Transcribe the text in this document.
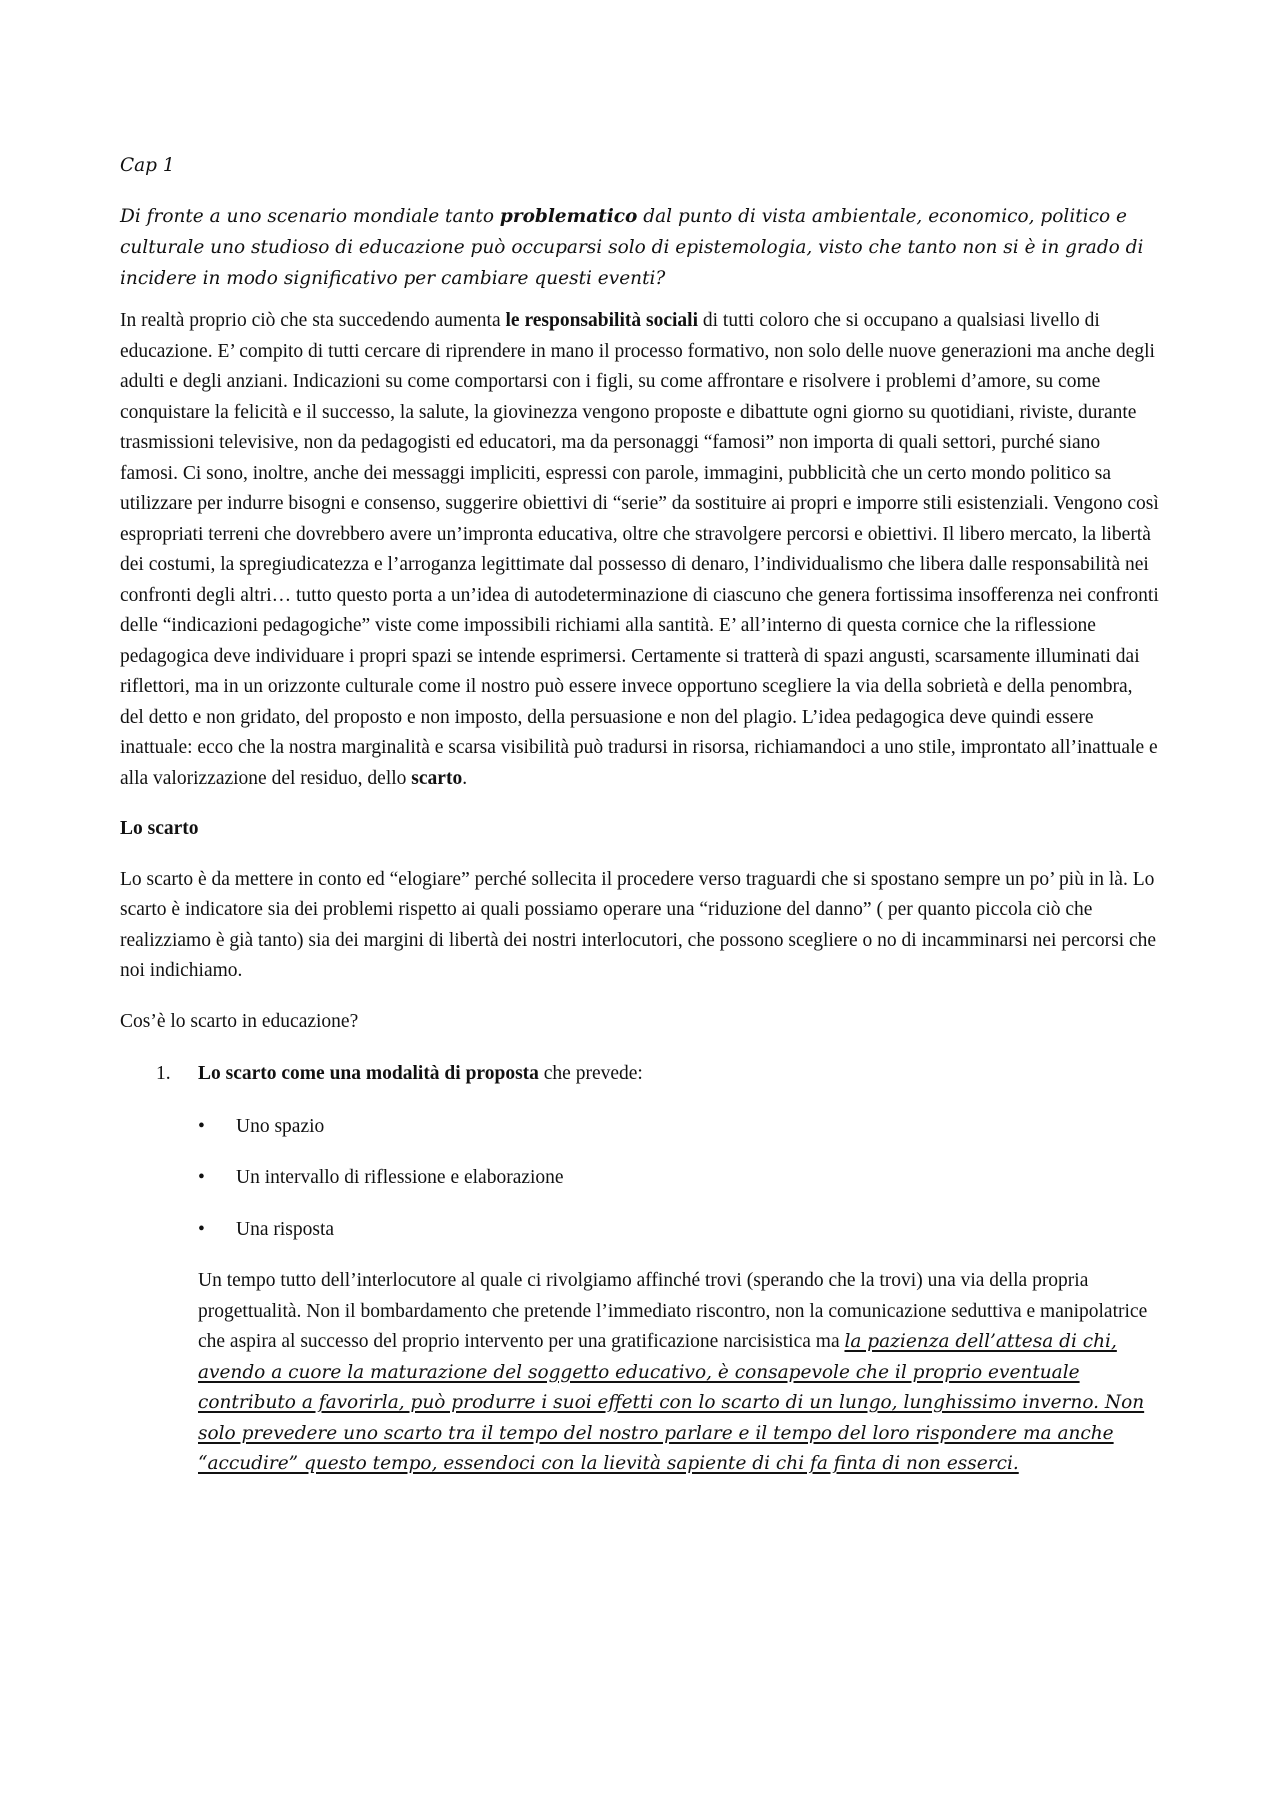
Cap 1

Di fronte a uno scenario mondiale tanto problematico dal punto di vista ambientale, economico, politico e culturale uno studioso di educazione può occuparsi solo di epistemologia, visto che tanto non si è in grado di incidere in modo significativo per cambiare questi eventi?

In realtà proprio ciò che sta succedendo aumenta le responsabilità sociali di tutti coloro che si occupano a qualsiasi livello di educazione. E’ compito di tutti cercare di riprendere in mano il processo formativo, non solo delle nuove generazioni ma anche degli adulti e degli anziani. Indicazioni su come comportarsi con i figli, su come affrontare e risolvere i problemi d’amore, su come conquistare la felicità e il successo, la salute, la giovinezza vengono proposte e dibattute ogni giorno su quotidiani, riviste, durante trasmissioni televisive, non da pedagogisti ed educatori, ma da personaggi “famosi” non importa di quali settori, purché siano famosi. Ci sono, inoltre, anche dei messaggi impliciti, espressi con parole, immagini, pubblicità che un certo mondo politico sa utilizzare per indurre bisogni e consenso, suggerire obiettivi di “serie” da sostituire ai propri e imporre stili esistenziali. Vengono così espropriati terreni che dovrebbero avere un’impronta educativa, oltre che stravolgere percorsi e obiettivi. Il libero mercato, la libertà dei costumi, la spregiudicatezza e l’arroganza legittimate dal possesso di denaro, l’individualismo che libera dalle responsabilità nei confronti degli altri… tutto questo porta a un’idea di autodeterminazione di ciascuno che genera fortissima insofferenza nei confronti delle “indicazioni pedagogiche” viste come impossibili richiami alla santità. E’ all’interno di questa cornice che la riflessione pedagogica deve individuare i propri spazi se intende esprimersi. Certamente si tratterà di spazi angusti, scarsamente illuminati dai riflettori, ma in un orizzonte culturale come il nostro può essere invece opportuno scegliere la via della sobrietà e della penombra, del detto e non gridato, del proposto e non imposto, della persuasione e non del plagio. L’idea pedagogica deve quindi essere inattuale: ecco che la nostra marginalità e scarsa visibilità può tradursi in risorsa, richiamandoci a uno stile, improntato all’inattuale e alla valorizzazione del residuo, dello scarto.

Lo scarto

Lo scarto è da mettere in conto ed “elogiare” perché sollecita il procedere verso traguardi che si spostano sempre un po’ più in là. Lo scarto è indicatore sia dei problemi rispetto ai quali possiamo operare una “riduzione del danno” ( per quanto piccola ciò che realizziamo è già tanto) sia dei margini di libertà dei nostri interlocutori, che possono scegliere o no di incamminarsi nei percorsi che noi indichiamo.

Cos’è lo scarto in educazione?

1. Lo scarto come una modalità di proposta che prevede:
• Uno spazio
• Un intervallo di riflessione e elaborazione
• Una risposta

Un tempo tutto dell’interlocutore al quale ci rivolgiamo affinché trovi (sperando che la trovi) una via della propria progettualità. Non il bombardamento che pretende l’immediato riscontro, non la comunicazione seduttiva e manipolatrice che aspira al successo del proprio intervento per una gratificazione narcisistica ma la pazienza dell’attesa di chi, avendo a cuore la maturazione del soggetto educativo, è consapevole che il proprio eventuale contributo a favorirla, può produrre i suoi effetti con lo scarto di un lungo, lunghissimo inverno. Non solo prevedere uno scarto tra il tempo del nostro parlare e il tempo del loro rispondere ma anche “accudire” questo tempo, essendoci con la lievità sapiente di chi fa finta di non esserci.
